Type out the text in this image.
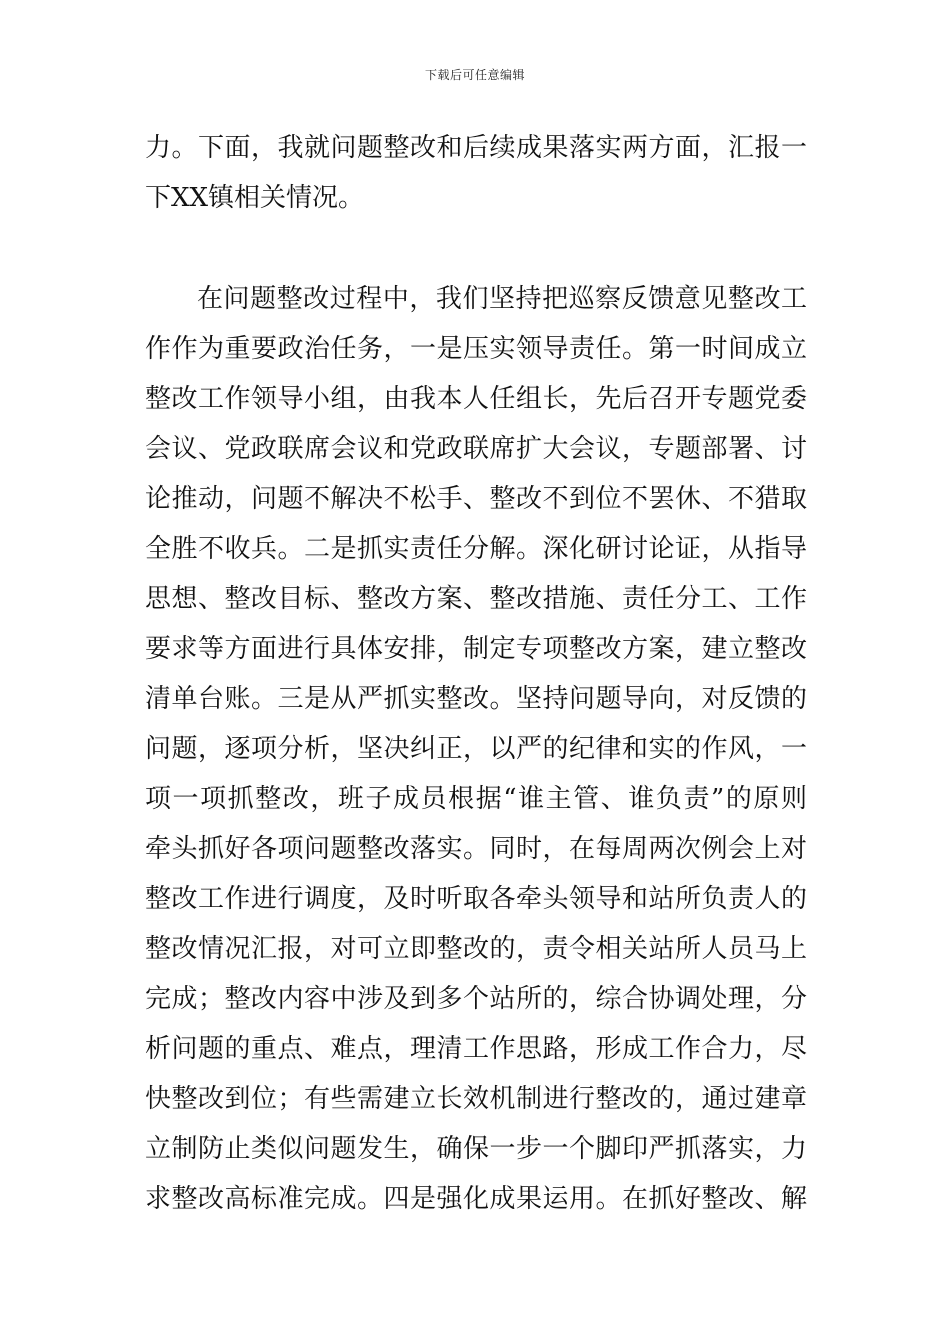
下载后可任意编辑
力。下面，我就问题整改和后续成果落实两方面，汇报一
下XX镇相关情况。
在问题整改过程中，我们坚持把巡察反馈意见整改工
作作为重要政治任务，一是压实领导责任。第一时间成立
整改工作领导小组，由我本人任组长，先后召开专题党委
会议、党政联席会议和党政联席扩大会议，专题部署、讨
论推动，问题不解决不松手、整改不到位不罢休、不猎取
全胜不收兵。二是抓实责任分解。深化研讨论证，从指导
思想、整改目标、整改方案、整改措施、责任分工、工作
要求等方面进行具体安排，制定专项整改方案，建立整改
清单台账。三是从严抓实整改。坚持问题导向，对反馈的
问题，逐项分析，坚决纠正，以严的纪律和实的作风，一
项一项抓整改，班子成员根据“谁主管、谁负责”的原则
牵头抓好各项问题整改落实。同时，在每周两次例会上对
整改工作进行调度，及时听取各牵头领导和站所负责人的
整改情况汇报，对可立即整改的，责令相关站所人员马上
完成；整改内容中涉及到多个站所的，综合协调处理，分
析问题的重点、难点，理清工作思路，形成工作合力，尽
快整改到位；有些需建立长效机制进行整改的，通过建章
立制防止类似问题发生，确保一步一个脚印严抓落实，力
求整改高标准完成。四是强化成果运用。在抓好整改、解
